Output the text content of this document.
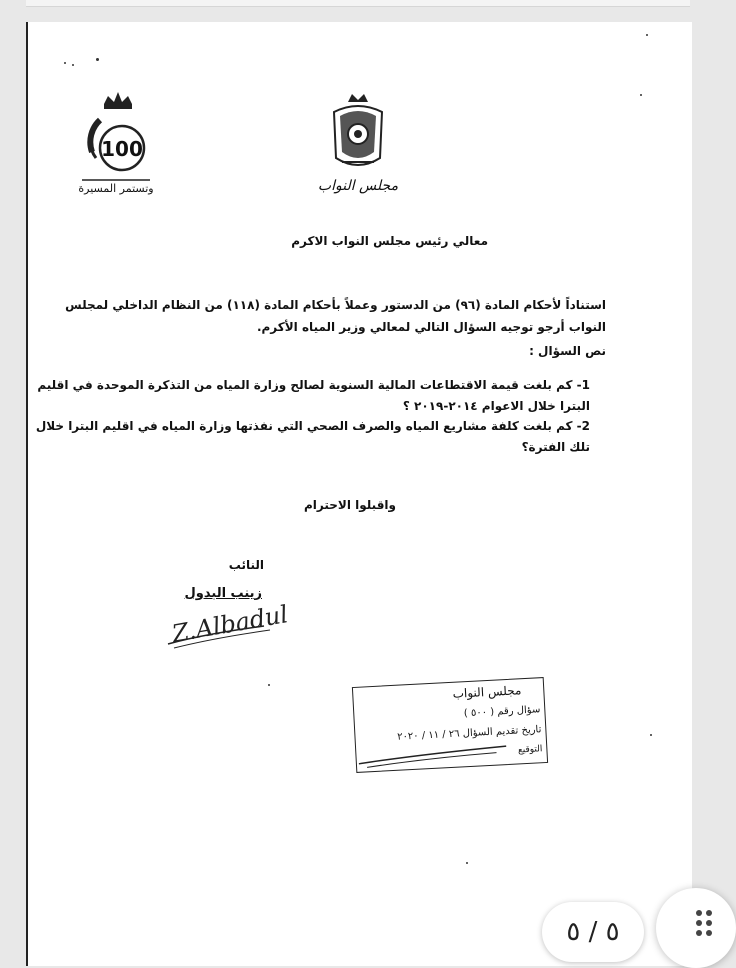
100
وتستمر المسيرة	مجلس النواب
معالي رئيس مجلس النواب الاكرم
استناداً لأحكام المادة (٩٦) من الدستور وعملاً بأحكام المادة (١١٨) من النظام الداخلي لمجلس
النواب أرجو توجيه السؤال التالي لمعالي وزير المياه الأكرم.
نص السؤال :
1- كم بلغت قيمة الاقتطاعات المالية السنوية لصالح وزارة المياه من التذكرة الموحدة في اقليم
البترا خلال الاعوام ٢٠١٤-٢٠١٩ ؟
2- كم بلغت كلفة مشاريع المياه والصرف الصحي التي نفذتها وزارة المياه في اقليم البترا خلال
تلك الفترة؟
واقبلوا الاحترام
النائب
زينب البدول
Z.Albadul
مجلس النواب
سؤال رقم ( ٥٠٠ )
تاريخ تقديم السؤال ٢٦ / ١١ / ٢٠٢٠
التوقيع
٥ / ٥
